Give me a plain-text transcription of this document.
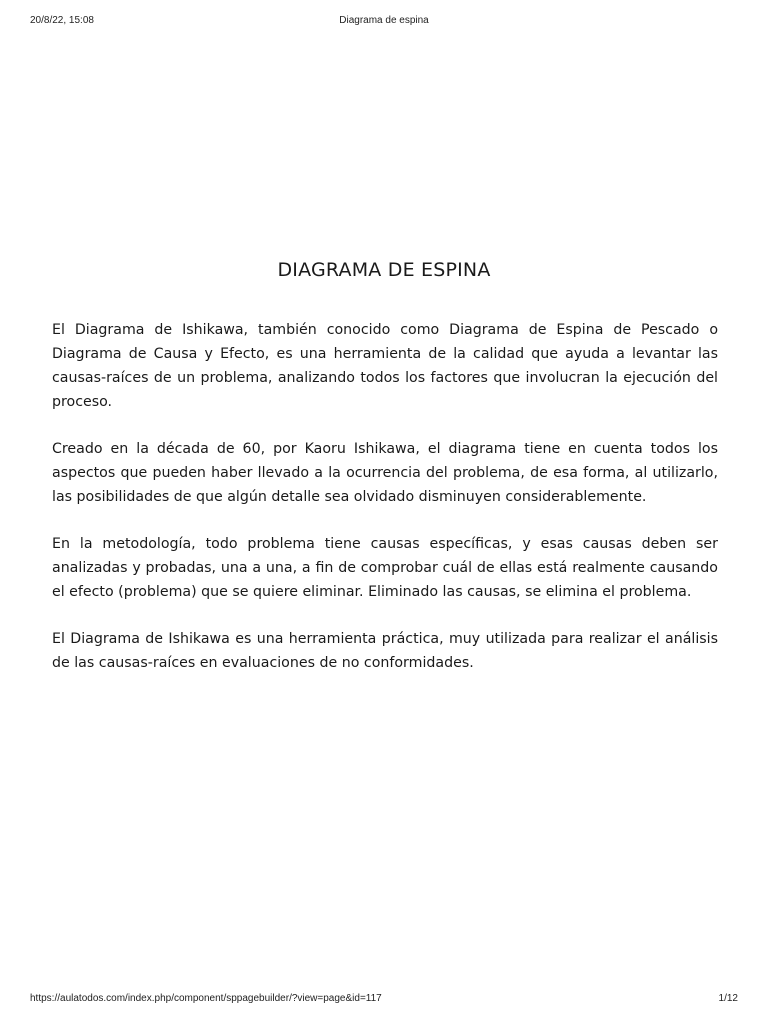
20/8/22, 15:08	Diagrama de espina
DIAGRAMA DE ESPINA

El Diagrama de Ishikawa, también conocido como Diagrama de Espina de Pescado o Diagrama de Causa y Efecto, es una herramienta de la calidad que ayuda a levantar las causas-raíces de un problema, analizando todos los factores que involucran la ejecución del proceso.

Creado en la década de 60, por Kaoru Ishikawa, el diagrama tiene en cuenta todos los aspectos que pueden haber llevado a la ocurrencia del problema, de esa forma, al utilizarlo, las posibilidades de que algún detalle sea olvidado disminuyen considerablemente.

En la metodología, todo problema tiene causas específicas, y esas causas deben ser analizadas y probadas, una a una, a fin de comprobar cuál de ellas está realmente causando el efecto (problema) que se quiere eliminar. Eliminado las causas, se elimina el problema.

El Diagrama de Ishikawa es una herramienta práctica, muy utilizada para realizar el análisis de las causas-raíces en evaluaciones de no conformidades.

https://aulatodos.com/index.php/component/sppagebuilder/?view=page&id=117	1/12
